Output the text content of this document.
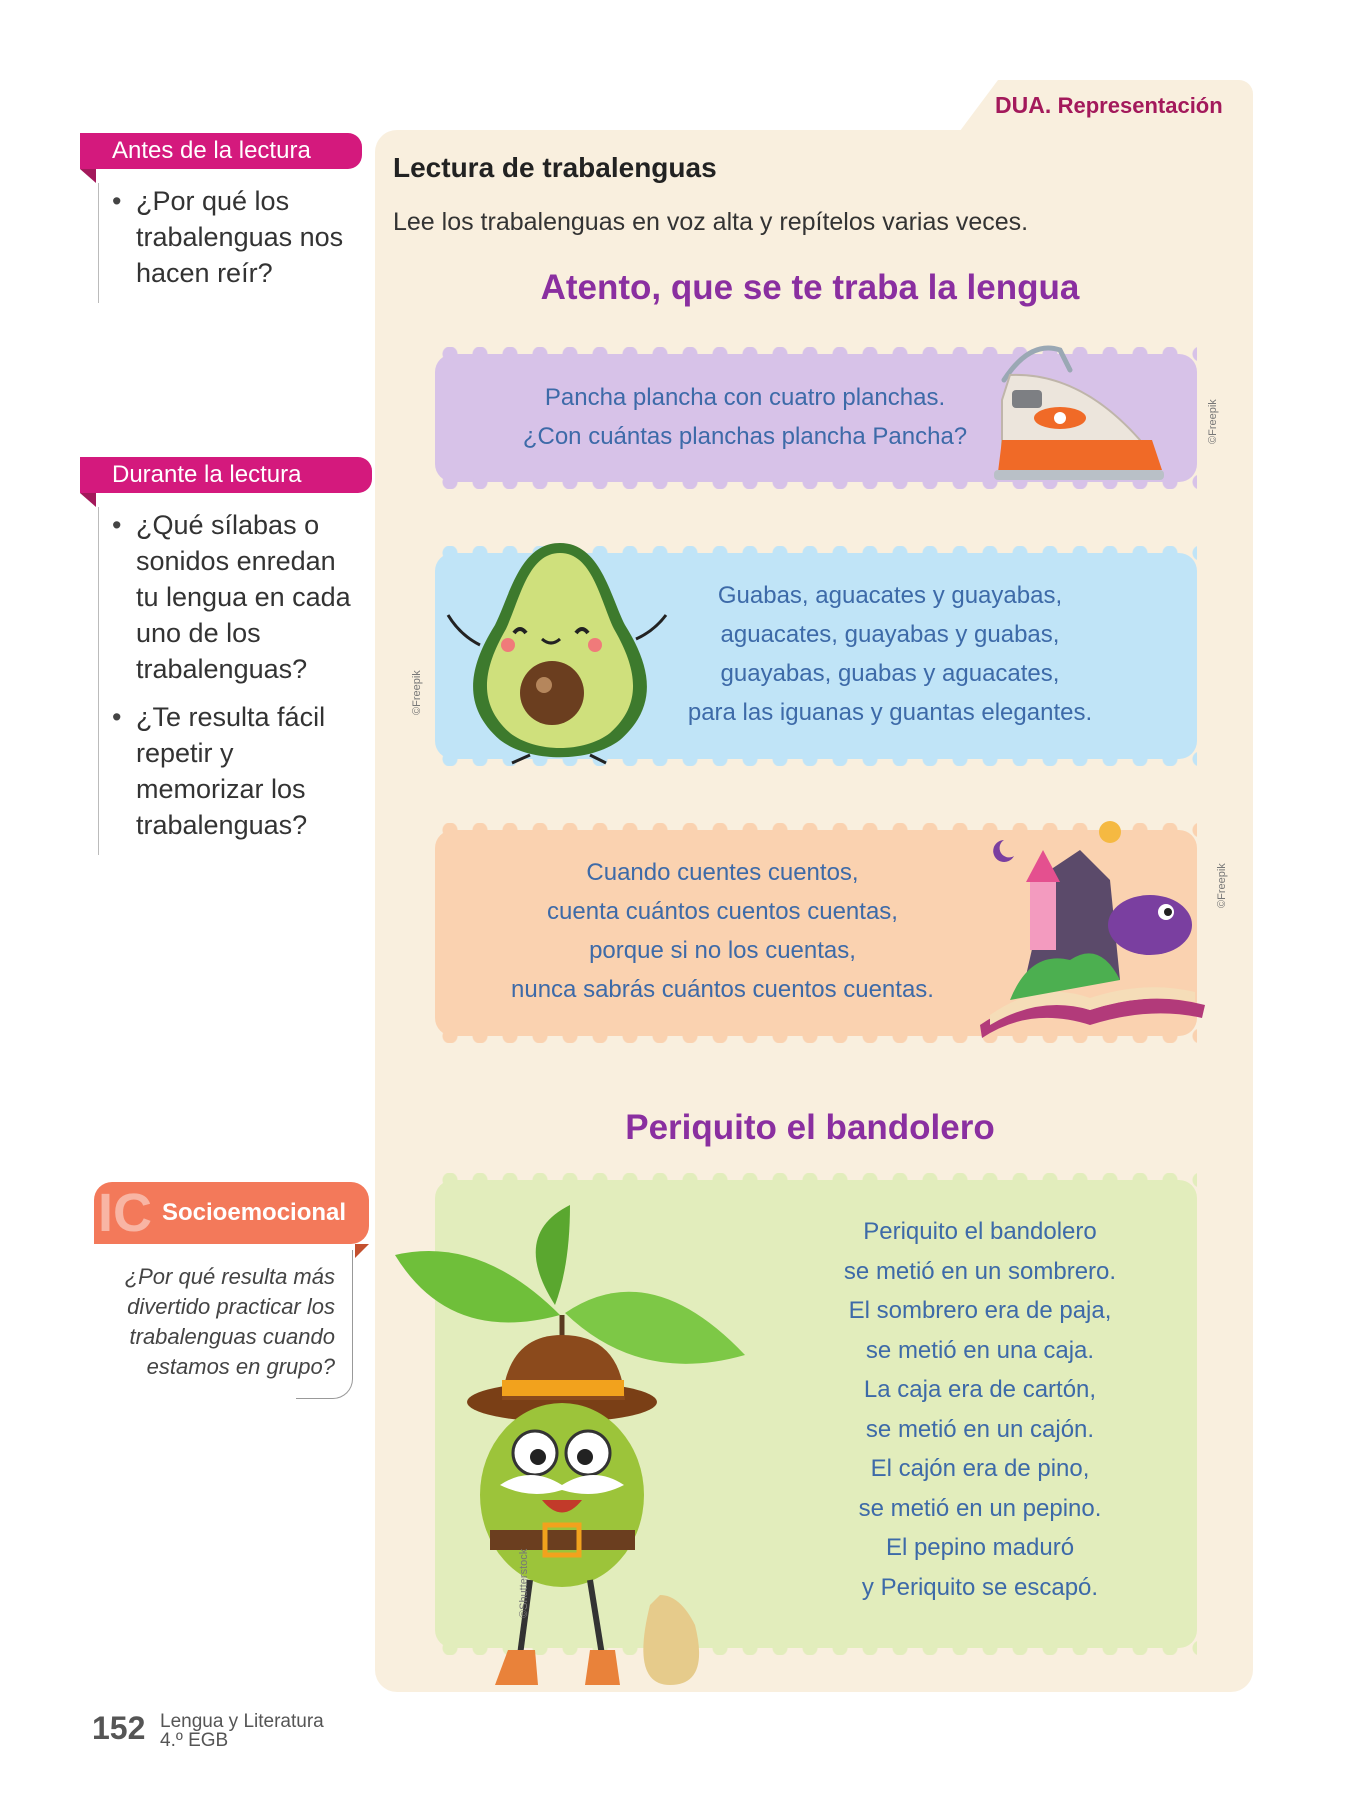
DUA. Representación
Lectura de trabalenguas
Lee los trabalenguas en voz alta y repítelos varias veces.
Atento, que se te traba la lengua
Pancha plancha con cuatro planchas.
¿Con cuántas planchas plancha Pancha?	©Freepik
Guabas, aguacates y guayabas,
aguacates, guayabas y guabas,
guayabas, guabas y aguacates,
para las iguanas y guantas elegantes.
©Freepik
Cuando cuentes cuentos,
cuenta cuántos cuentos cuentas,
porque si no los cuentas,
nunca sabrás cuántos cuentos cuentas.
©Freepik
Periquito el bandolero
Periquito el bandolero
se metió en un sombrero.
El sombrero era de paja,
se metió en una caja.
La caja era de cartón,
se metió en un cajón.
El cajón era de pino,
se metió en un pepino.
El pepino maduró
y Periquito se escapó.
©Shutterstock
Antes de la lectura
• ¿Por qué los trabalenguas nos hacen reír?
Durante la lectura
• ¿Qué sílabas o sonidos enredan tu lengua en cada uno de los trabalenguas?
• ¿Te resulta fácil repetir y memorizar los trabalenguas?
IC Socioemocional
¿Por qué resulta más divertido practicar los trabalenguas cuando estamos en grupo?
152 Lengua y Literatura
4.º EGB
